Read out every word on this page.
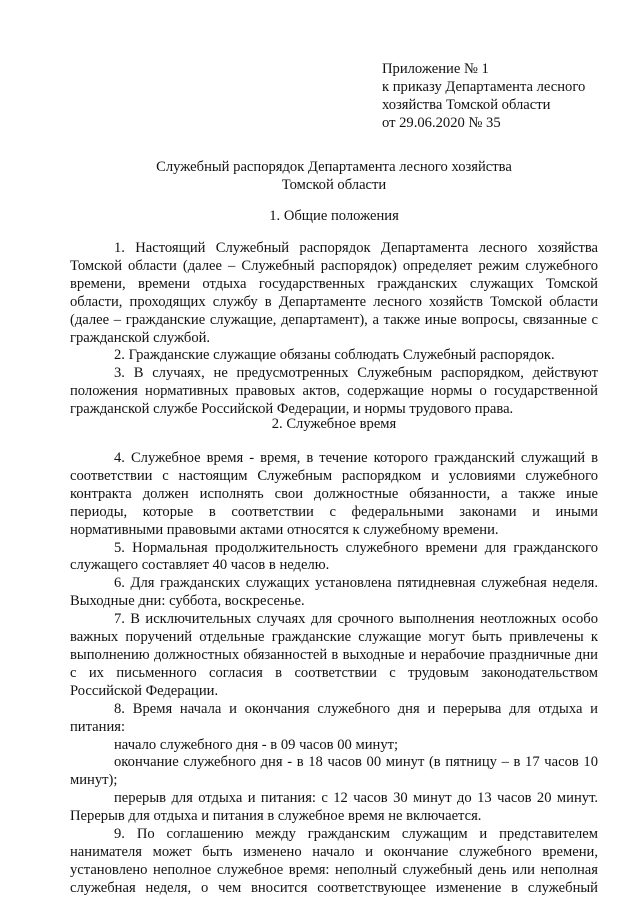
Приложение № 1
к приказу Департамента лесного
хозяйства Томской области
от 29.06.2020 № 35
Служебный распорядок Департамента лесного хозяйства
Томской области
1. Общие положения

1. Настоящий Служебный распорядок Департамента лесного хозяйства Томской области (далее – Служебный распорядок) определяет режим служебного времени, времени отдыха государственных гражданских служащих Томской области, проходящих службу в Департаменте лесного хозяйств Томской области (далее – гражданские служащие, департамент), а также иные вопросы, связанные с гражданской службой.

2. Гражданские служащие обязаны соблюдать Служебный распорядок.

3. В случаях, не предусмотренных Служебным распорядком, действуют положения нормативных правовых актов, содержащие нормы о государственной гражданской службе Российской Федерации, и нормы трудового права.

2. Служебное время

4. Служебное время - время, в течение которого гражданский служащий в соответствии с настоящим Служебным распорядком и условиями служебного контракта должен исполнять свои должностные обязанности, а также иные периоды, которые в соответствии с федеральными законами и иными нормативными правовыми актами относятся к служебному времени.

5. Нормальная продолжительность служебного времени для гражданского служащего составляет 40 часов в неделю.

6. Для гражданских служащих установлена пятидневная служебная неделя. Выходные дни: суббота, воскресенье.

7. В исключительных случаях для срочного выполнения неотложных особо важных поручений отдельные гражданские служащие могут быть привлечены к выполнению должностных обязанностей в выходные и нерабочие праздничные дни с их письменного согласия в соответствии с трудовым законодательством Российской Федерации.

8. Время начала и окончания служебного дня и перерыва для отдыха и питания:

начало служебного дня - в 09 часов 00 минут;

окончание служебного дня - в 18 часов 00 минут (в пятницу – в 17 часов 10 минут);

перерыв для отдыха и питания: с 12 часов 30 минут до 13 часов 20 минут. Перерыв для отдыха и питания в служебное время не включается.

9. По соглашению между гражданским служащим и представителем нанимателя может быть изменено начало и окончание служебного времени, установлено неполное служебное время: неполный служебный день или неполная служебная неделя, о чем вносится соответствующее изменение в служебный
